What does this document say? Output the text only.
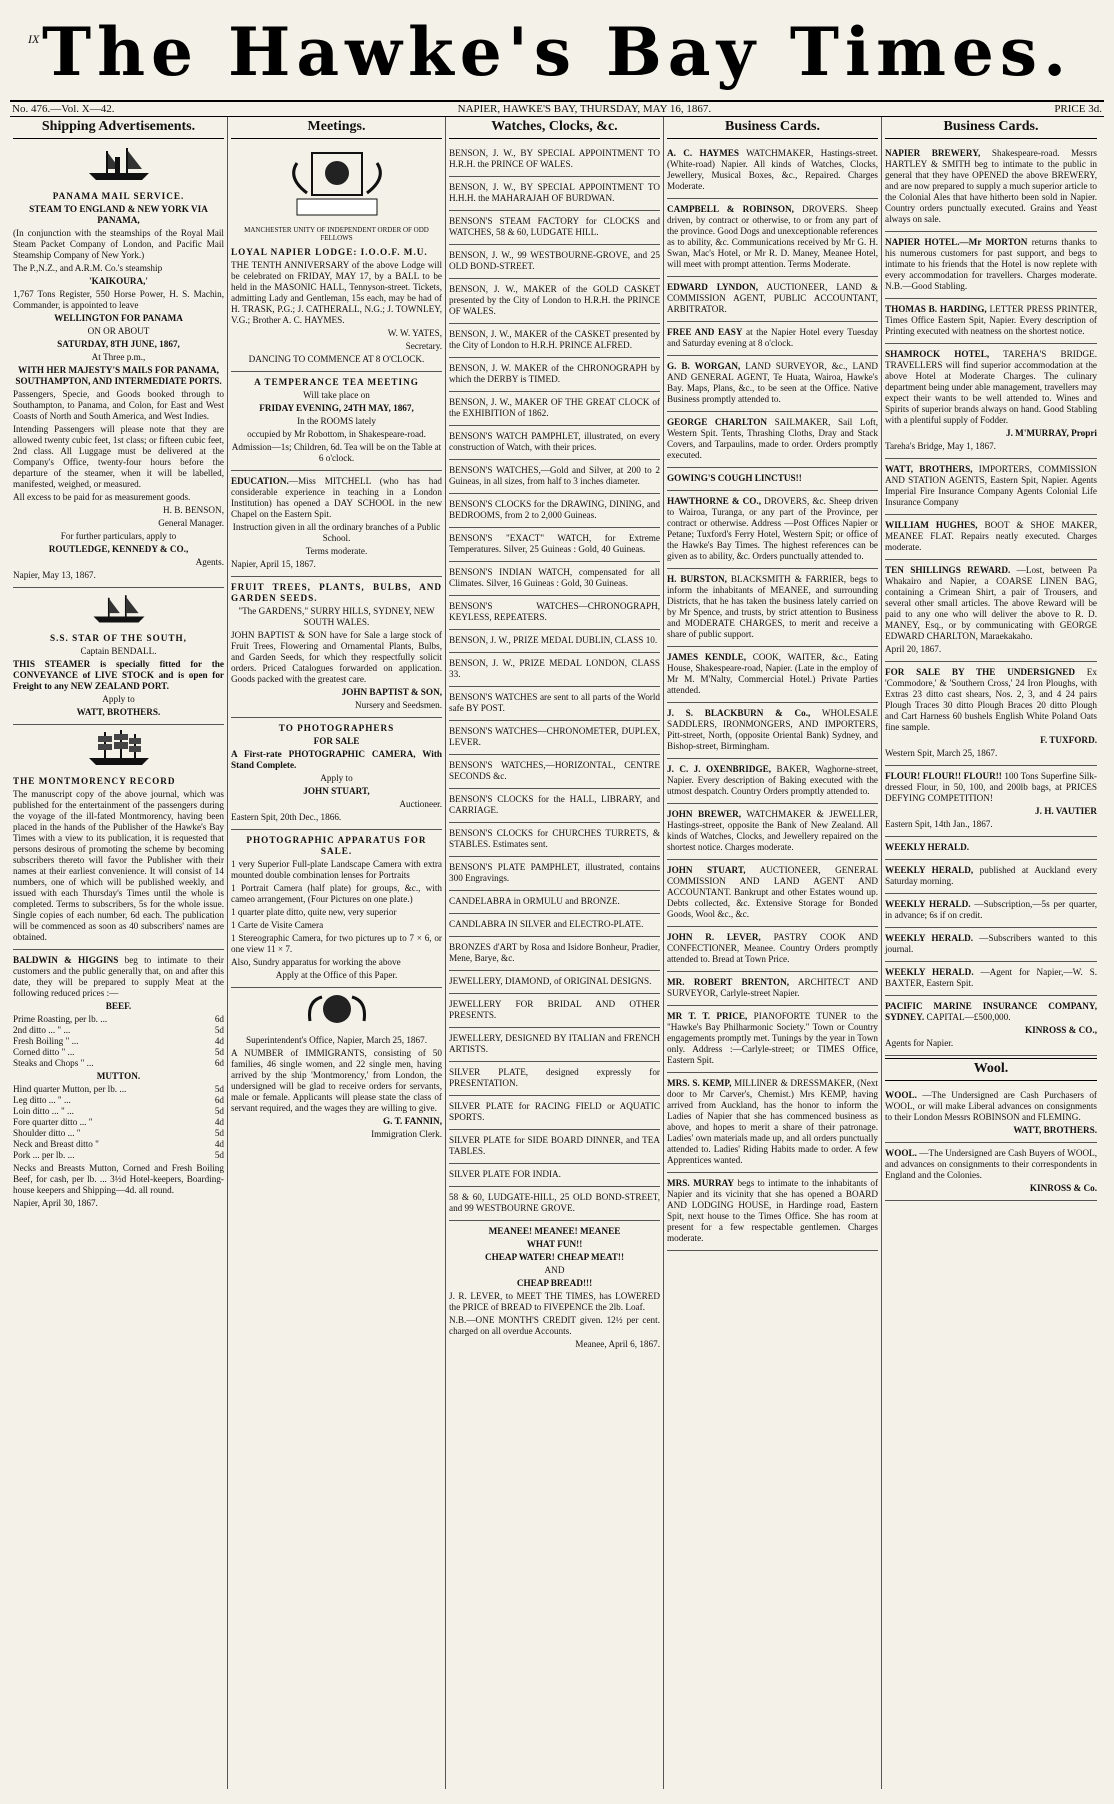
The Hawke's Bay Times.
IX
No. 476.—Vol. X—42.	NAPIER, HAWKE'S BAY, THURSDAY, MAY 16, 1867.	PRICE 3d.
Shipping Advertisements.

PANAMA MAIL SERVICE.

STEAM TO ENGLAND & NEW YORK VIA PANAMA,

(In conjunction with the steamships of the Royal Mail Steam Packet Company of London, and Pacific Mail Steamship Company of New York.)

The P.,N.Z., and A.R.M. Co.'s steamship

'KAIKOURA,'

1,767 Tons Register, 550 Horse Power, H. S. Machin, Commander, is appointed to leave

WELLINGTON FOR PANAMA

ON OR ABOUT

SATURDAY, 8TH JUNE, 1867,

At Three p.m.,

WITH HER MAJESTY'S MAILS FOR PANAMA, SOUTHAMPTON, AND INTERMEDIATE PORTS.

Passengers, Specie, and Goods booked through to Southampton, to Panama, and Colon, for East and West Coasts of North and South America, and West Indies.

Intending Passengers will please note that they are allowed twenty cubic feet, 1st class; or fifteen cubic feet, 2nd class. All Luggage must be delivered at the Company's Office, twenty-four hours before the departure of the steamer, when it will be labelled, manifested, weighed, or measured.

All excess to be paid for as measurement goods.

H. B. BENSON,

General Manager.

For further particulars, apply to

ROUTLEDGE, KENNEDY & CO.,

Agents.

Napier, May 13, 1867.

S.S. STAR OF THE SOUTH,

Captain BENDALL.

THIS STEAMER is specially fitted for the CONVEYANCE of LIVE STOCK and is open for Freight to any NEW ZEALAND PORT.

Apply to

WATT, BROTHERS.

THE MONTMORENCY RECORD

The manuscript copy of the above journal, which was published for the entertainment of the passengers during the voyage of the ill-fated Montmorency, having been placed in the hands of the Publisher of the Hawke's Bay Times with a view to its publication, it is requested that persons desirous of promoting the scheme by becoming subscribers thereto will favor the Publisher with their names at their earliest convenience. It will consist of 14 numbers, one of which will be published weekly, and issued with each Thursday's Times until the whole is completed. Terms to subscribers, 5s for the whole issue. Single copies of each number, 6d each. The publication will be commenced as soon as 40 subscribers' names are obtained.

BALDWIN & HIGGINS beg to intimate to their customers and the public generally that, on and after this date, they will be prepared to supply Meat at the following reduced prices :—

BEEF.

Prime Roasting, per lb. ...	6d
2nd ditto ... " ...	5d
Fresh Boiling " ...	4d
Corned ditto " ...	5d
Steaks and Chops " ...	6d

MUTTON.

Hind quarter Mutton, per lb. ...	5d
Leg ditto ... " ...	6d
Loin ditto ... " ...	5d
Fore quarter ditto ... "	4d
Shoulder ditto ... "	5d
Neck and Breast ditto "	4d
Pork ... per lb. ...	5d

Necks and Breasts Mutton, Corned and Fresh Boiling Beef, for cash, per lb. ... 3½d Hotel-keepers, Boarding-house keepers and Shipping—4d. all round.

Napier, April 30, 1867.

Meetings.
MANCHESTER UNITY OF INDEPENDENT ORDER OF ODD FELLOWS

LOYAL NAPIER LODGE: I.O.O.F. M.U.

THE TENTH ANNIVERSARY of the above Lodge will be celebrated on FRIDAY, MAY 17, by a BALL to be held in the MASONIC HALL, Tennyson-street. Tickets, admitting Lady and Gentleman, 15s each, may be had of H. TRASK, P.G.; J. CATHERALL, N.G.; J. TOWNLEY, V.G.; Brother A. C. HAYMES.

W. W. YATES,

Secretary.

DANCING TO COMMENCE AT 8 O'CLOCK.

A TEMPERANCE TEA MEETING

Will take place on

FRIDAY EVENING, 24TH MAY, 1867,

In the ROOMS lately

occupied by Mr Robottom, in Shakespeare-road.

Admission—1s; Children, 6d. Tea will be on the Table at 6 o'clock.

EDUCATION.—Miss MITCHELL (who has had considerable experience in teaching in a London Institution) has opened a DAY SCHOOL in the new Chapel on the Eastern Spit.

Instruction given in all the ordinary branches of a Public School.

Terms moderate.

Napier, April 15, 1867.

FRUIT TREES, PLANTS, BULBS, AND GARDEN SEEDS.

"The GARDENS," SURRY HILLS, SYDNEY, NEW SOUTH WALES.

JOHN BAPTIST & SON have for Sale a large stock of Fruit Trees, Flowering and Ornamental Plants, Bulbs, and Garden Seeds, for which they respectfully solicit orders. Priced Catalogues forwarded on application. Goods packed with the greatest care.

JOHN BAPTIST & SON,

Nursery and Seedsmen.

TO PHOTOGRAPHERS

FOR SALE

A First-rate PHOTOGRAPHIC CAMERA, With Stand Complete.

Apply to

JOHN STUART,

Auctioneer.

Eastern Spit, 20th Dec., 1866.

PHOTOGRAPHIC APPARATUS FOR SALE.

1 very Superior Full-plate Landscape Camera with extra mounted double combination lenses for Portraits

1 Portrait Camera (half plate) for groups, &c., with cameo arrangement, (Four Pictures on one plate.)

1 quarter plate ditto, quite new, very superior

1 Carte de Visite Camera

1 Stereographic Camera, for two pictures up to 7 × 6, or one view 11 × 7.

Also, Sundry apparatus for working the above

Apply at the Office of this Paper.

Superintendent's Office, Napier, March 25, 1867.

A NUMBER of IMMIGRANTS, consisting of 50 families, 46 single women, and 22 single men, having arrived by the ship 'Montmorency,' from London, the undersigned will be glad to receive orders for servants, male or female. Applicants will please state the class of servant required, and the wages they are willing to give.

G. T. FANNIN,

Immigration Clerk.

Watches, Clocks, &c.

BENSON, J. W., BY SPECIAL APPOINTMENT TO H.R.H. the PRINCE OF WALES.

BENSON, J. W., BY SPECIAL APPOINTMENT TO H.H.H. the MAHARAJAH OF BURDWAN.

BENSON'S STEAM FACTORY for CLOCKS and WATCHES, 58 & 60, LUDGATE HILL.

BENSON, J. W., 99 WESTBOURNE-GROVE, and 25 OLD BOND-STREET.

BENSON, J. W., MAKER of the GOLD CASKET presented by the City of London to H.R.H. the PRINCE OF WALES.

BENSON, J. W., MAKER of the CASKET presented by the City of London to H.R.H. PRINCE ALFRED.

BENSON, J. W. MAKER of the CHRONOGRAPH by which the DERBY is TIMED.

BENSON, J. W., MAKER OF THE GREAT CLOCK of the EXHIBITION of 1862.

BENSON'S WATCH PAMPHLET, illustrated, on every construction of Watch, with their prices.

BENSON'S WATCHES,—Gold and Silver, at 200 to 2 Guineas, in all sizes, from half to 3 inches diameter.

BENSON'S CLOCKS for the DRAWING, DINING, and BEDROOMS, from 2 to 2,000 Guineas.

BENSON'S "EXACT" WATCH, for Extreme Temperatures. Silver, 25 Guineas : Gold, 40 Guineas.

BENSON'S INDIAN WATCH, compensated for all Climates. Silver, 16 Guineas : Gold, 30 Guineas.

BENSON'S WATCHES—CHRONOGRAPH, KEYLESS, REPEATERS.

BENSON, J. W., PRIZE MEDAL DUBLIN, CLASS 10.

BENSON, J. W., PRIZE MEDAL LONDON, CLASS 33.

BENSON'S WATCHES are sent to all parts of the World safe BY POST.

BENSON'S WATCHES—CHRONOMETER, DUPLEX, LEVER.

BENSON'S WATCHES,—HORIZONTAL, CENTRE SECONDS &c.

BENSON'S CLOCKS for the HALL, LIBRARY, and CARRIAGE.

BENSON'S CLOCKS for CHURCHES TURRETS, & STABLES. Estimates sent.

BENSON'S PLATE PAMPHLET, illustrated, contains 300 Engravings.

CANDELABRA in ORMULU and BRONZE.

CANDLABRA IN SILVER and ELECTRO-PLATE.

BRONZES d'ART by Rosa and Isidore Bonheur, Pradier, Mene, Barye, &c.

JEWELLERY, DIAMOND, of ORIGINAL DESIGNS.

JEWELLERY FOR BRIDAL AND OTHER PRESENTS.

JEWELLERY, DESIGNED BY ITALIAN and FRENCH ARTISTS.

SILVER PLATE, designed expressly for PRESENTATION.

SILVER PLATE for RACING FIELD or AQUATIC SPORTS.

SILVER PLATE for SIDE BOARD DINNER, and TEA TABLES.

SILVER PLATE FOR INDIA.

58 & 60, LUDGATE-HILL, 25 OLD BOND-STREET, and 99 WESTBOURNE GROVE.

MEANEE! MEANEE! MEANEE

WHAT FUN!!

CHEAP WATER! CHEAP MEAT!!

AND

CHEAP BREAD!!!

J. R. LEVER, to MEET THE TIMES, has LOWERED the PRICE of BREAD to FIVEPENCE the 2lb. Loaf.

N.B.—ONE MONTH'S CREDIT given. 12½ per cent. charged on all overdue Accounts.

Meanee, April 6, 1867.

Business Cards.

A. C. HAYMES WATCHMAKER, Hastings-street. (White-road) Napier. All kinds of Watches, Clocks, Jewellery, Musical Boxes, &c., Repaired. Charges Moderate.

CAMPBELL & ROBINSON, DROVERS. Sheep driven, by contract or otherwise, to or from any part of the province. Good Dogs and unexceptionable references as to ability, &c. Communications received by Mr G. H. Swan, Mac's Hotel, or Mr R. D. Maney, Meanee Hotel, will meet with prompt attention. Terms Moderate.

EDWARD LYNDON, AUCTIONEER, LAND & COMMISSION AGENT, PUBLIC ACCOUNTANT, ARBITRATOR.

FREE AND EASY at the Napier Hotel every Tuesday and Saturday evening at 8 o'clock.

G. B. WORGAN, LAND SURVEYOR, &c., LAND AND GENERAL AGENT, Te Huata, Wairoa, Hawke's Bay. Maps, Plans, &c., to be seen at the Office. Native Business promptly attended to.

GEORGE CHARLTON SAILMAKER, Sail Loft, Western Spit. Tents, Thrashing Cloths, Dray and Stack Covers, and Tarpaulins, made to order. Orders promptly executed.

GOWING'S COUGH LINCTUS!!

HAWTHORNE & CO., DROVERS, &c. Sheep driven to Wairoa, Turanga, or any part of the Province, per contract or otherwise. Address —Post Offices Napier or Petane; Tuxford's Ferry Hotel, Western Spit; or office of the Hawke's Bay Times. The highest references can be given as to ability, &c. Orders punctually attended to.

H. BURSTON, BLACKSMITH & FARRIER, begs to inform the inhabitants of MEANEE, and surrounding Districts, that he has taken the business lately carried on by Mr Spence, and trusts, by strict attention to Business and MODERATE CHARGES, to merit and receive a share of public support.

JAMES KENDLE, COOK, WAITER, &c., Eating House, Shakespeare-road, Napier. (Late in the employ of Mr M. M'Nalty, Commercial Hotel.) Private Parties attended.

J. S. BLACKBURN & Co., WHOLESALE SADDLERS, IRONMONGERS, AND IMPORTERS, Pitt-street, North, (opposite Oriental Bank) Sydney, and Bishop-street, Birmingham.

J. C. J. OXENBRIDGE, BAKER, Waghorne-street, Napier. Every description of Baking executed with the utmost despatch. Country Orders promptly attended to.

JOHN BREWER, WATCHMAKER & JEWELLER, Hastings-street, opposite the Bank of New Zealand. All kinds of Watches, Clocks, and Jewellery repaired on the shortest notice. Charges moderate.

JOHN STUART, AUCTIONEER, GENERAL COMMISSION AND LAND AGENT AND ACCOUNTANT. Bankrupt and other Estates wound up. Debts collected, &c. Extensive Storage for Bonded Goods, Wool &c., &c.

JOHN R. LEVER, PASTRY COOK AND CONFECTIONER, Meanee. Country Orders promptly attended to. Bread at Town Price.

MR. ROBERT BRENTON, ARCHITECT AND SURVEYOR, Carlyle-street Napier.

MR T. T. PRICE, PIANOFORTE TUNER to the "Hawke's Bay Philharmonic Society." Town or Country engagements promptly met. Tunings by the year in Town only. Address :—Carlyle-street; or TIMES Office, Eastern Spit.

MRS. S. KEMP, MILLINER & DRESSMAKER, (Next door to Mr Carver's, Chemist.) Mrs KEMP, having arrived from Auckland, has the honor to inform the Ladies of Napier that she has commenced business as above, and hopes to merit a share of their patronage. Ladies' own materials made up, and all orders punctually attended to. Ladies' Riding Habits made to order. A few Apprentices wanted.

MRS. MURRAY begs to intimate to the inhabitants of Napier and its vicinity that she has opened a BOARD AND LODGING HOUSE, in Hardinge road, Eastern Spit, next house to the Times Office. She has room at present for a few respectable gentlemen. Charges moderate.

Business Cards.

NAPIER BREWERY, Shakespeare-road. Messrs HARTLEY & SMITH beg to intimate to the public in general that they have OPENED the above BREWERY, and are now prepared to supply a much superior article to the Colonial Ales that have hitherto been sold in Napier. Country orders punctually executed. Grains and Yeast always on sale.

NAPIER HOTEL.—Mr MORTON returns thanks to his numerous customers for past support, and begs to intimate to his friends that the Hotel is now replete with every accommodation for travellers. Charges moderate. N.B.—Good Stabling.

THOMAS B. HARDING, LETTER PRESS PRINTER, Times Office Eastern Spit, Napier. Every description of Printing executed with neatness on the shortest notice.

SHAMROCK HOTEL, TAREHA'S BRIDGE. TRAVELLERS will find superior accommodation at the above Hotel at Moderate Charges. The culinary department being under able management, travellers may expect their wants to be well attended to. Wines and Spirits of superior brands always on hand. Good Stabling with a plentiful supply of Fodder.

J. M'MURRAY, Propri

Tareha's Bridge, May 1, 1867.

WATT, BROTHERS, IMPORTERS, COMMISSION AND STATION AGENTS, Eastern Spit, Napier. Agents Imperial Fire Insurance Company Agents Colonial Life Insurance Company

WILLIAM HUGHES, BOOT & SHOE MAKER, MEANEE FLAT. Repairs neatly executed. Charges moderate.

TEN SHILLINGS REWARD. —Lost, between Pa Whakairo and Napier, a COARSE LINEN BAG, containing a Crimean Shirt, a pair of Trousers, and several other small articles. The above Reward will be paid to any one who will deliver the above to R. D. MANEY, Esq., or by communicating with GEORGE EDWARD CHARLTON, Maraekakaho.

April 20, 1867.

FOR SALE BY THE UNDERSIGNED Ex 'Commodore,' & 'Southern Cross,' 24 Iron Ploughs, with Extras 23 ditto cast shears, Nos. 2, 3, and 4 24 pairs Plough Traces 30 ditto Plough Braces 20 ditto Plough and Cart Harness 60 bushels English White Poland Oats fine sample.

F. TUXFORD.

Western Spit, March 25, 1867.

FLOUR! FLOUR!! FLOUR!! 100 Tons Superfine Silk-dressed Flour, in 50, 100, and 200lb bags, at PRICES DEFYING COMPETITION!

J. H. VAUTIER

Eastern Spit, 14th Jan., 1867.

WEEKLY HERALD.

WEEKLY HERALD, published at Auckland every Saturday morning.

WEEKLY HERALD. —Subscription,—5s per quarter, in advance; 6s if on credit.

WEEKLY HERALD. —Subscribers wanted to this journal.

WEEKLY HERALD. —Agent for Napier,—W. S. BAXTER, Eastern Spit.

PACIFIC MARINE INSURANCE COMPANY, SYDNEY. CAPITAL—£500,000.

KINROSS & CO.,

Agents for Napier.

Wool.

WOOL. —The Undersigned are Cash Purchasers of WOOL, or will make Liberal advances on consignments to their London Messrs ROBINSON and FLEMING.

WATT, BROTHERS.

WOOL. —The Undersigned are Cash Buyers of WOOL, and advances on consignments to their correspondents in England and the Colonies.

KINROSS & Co.
